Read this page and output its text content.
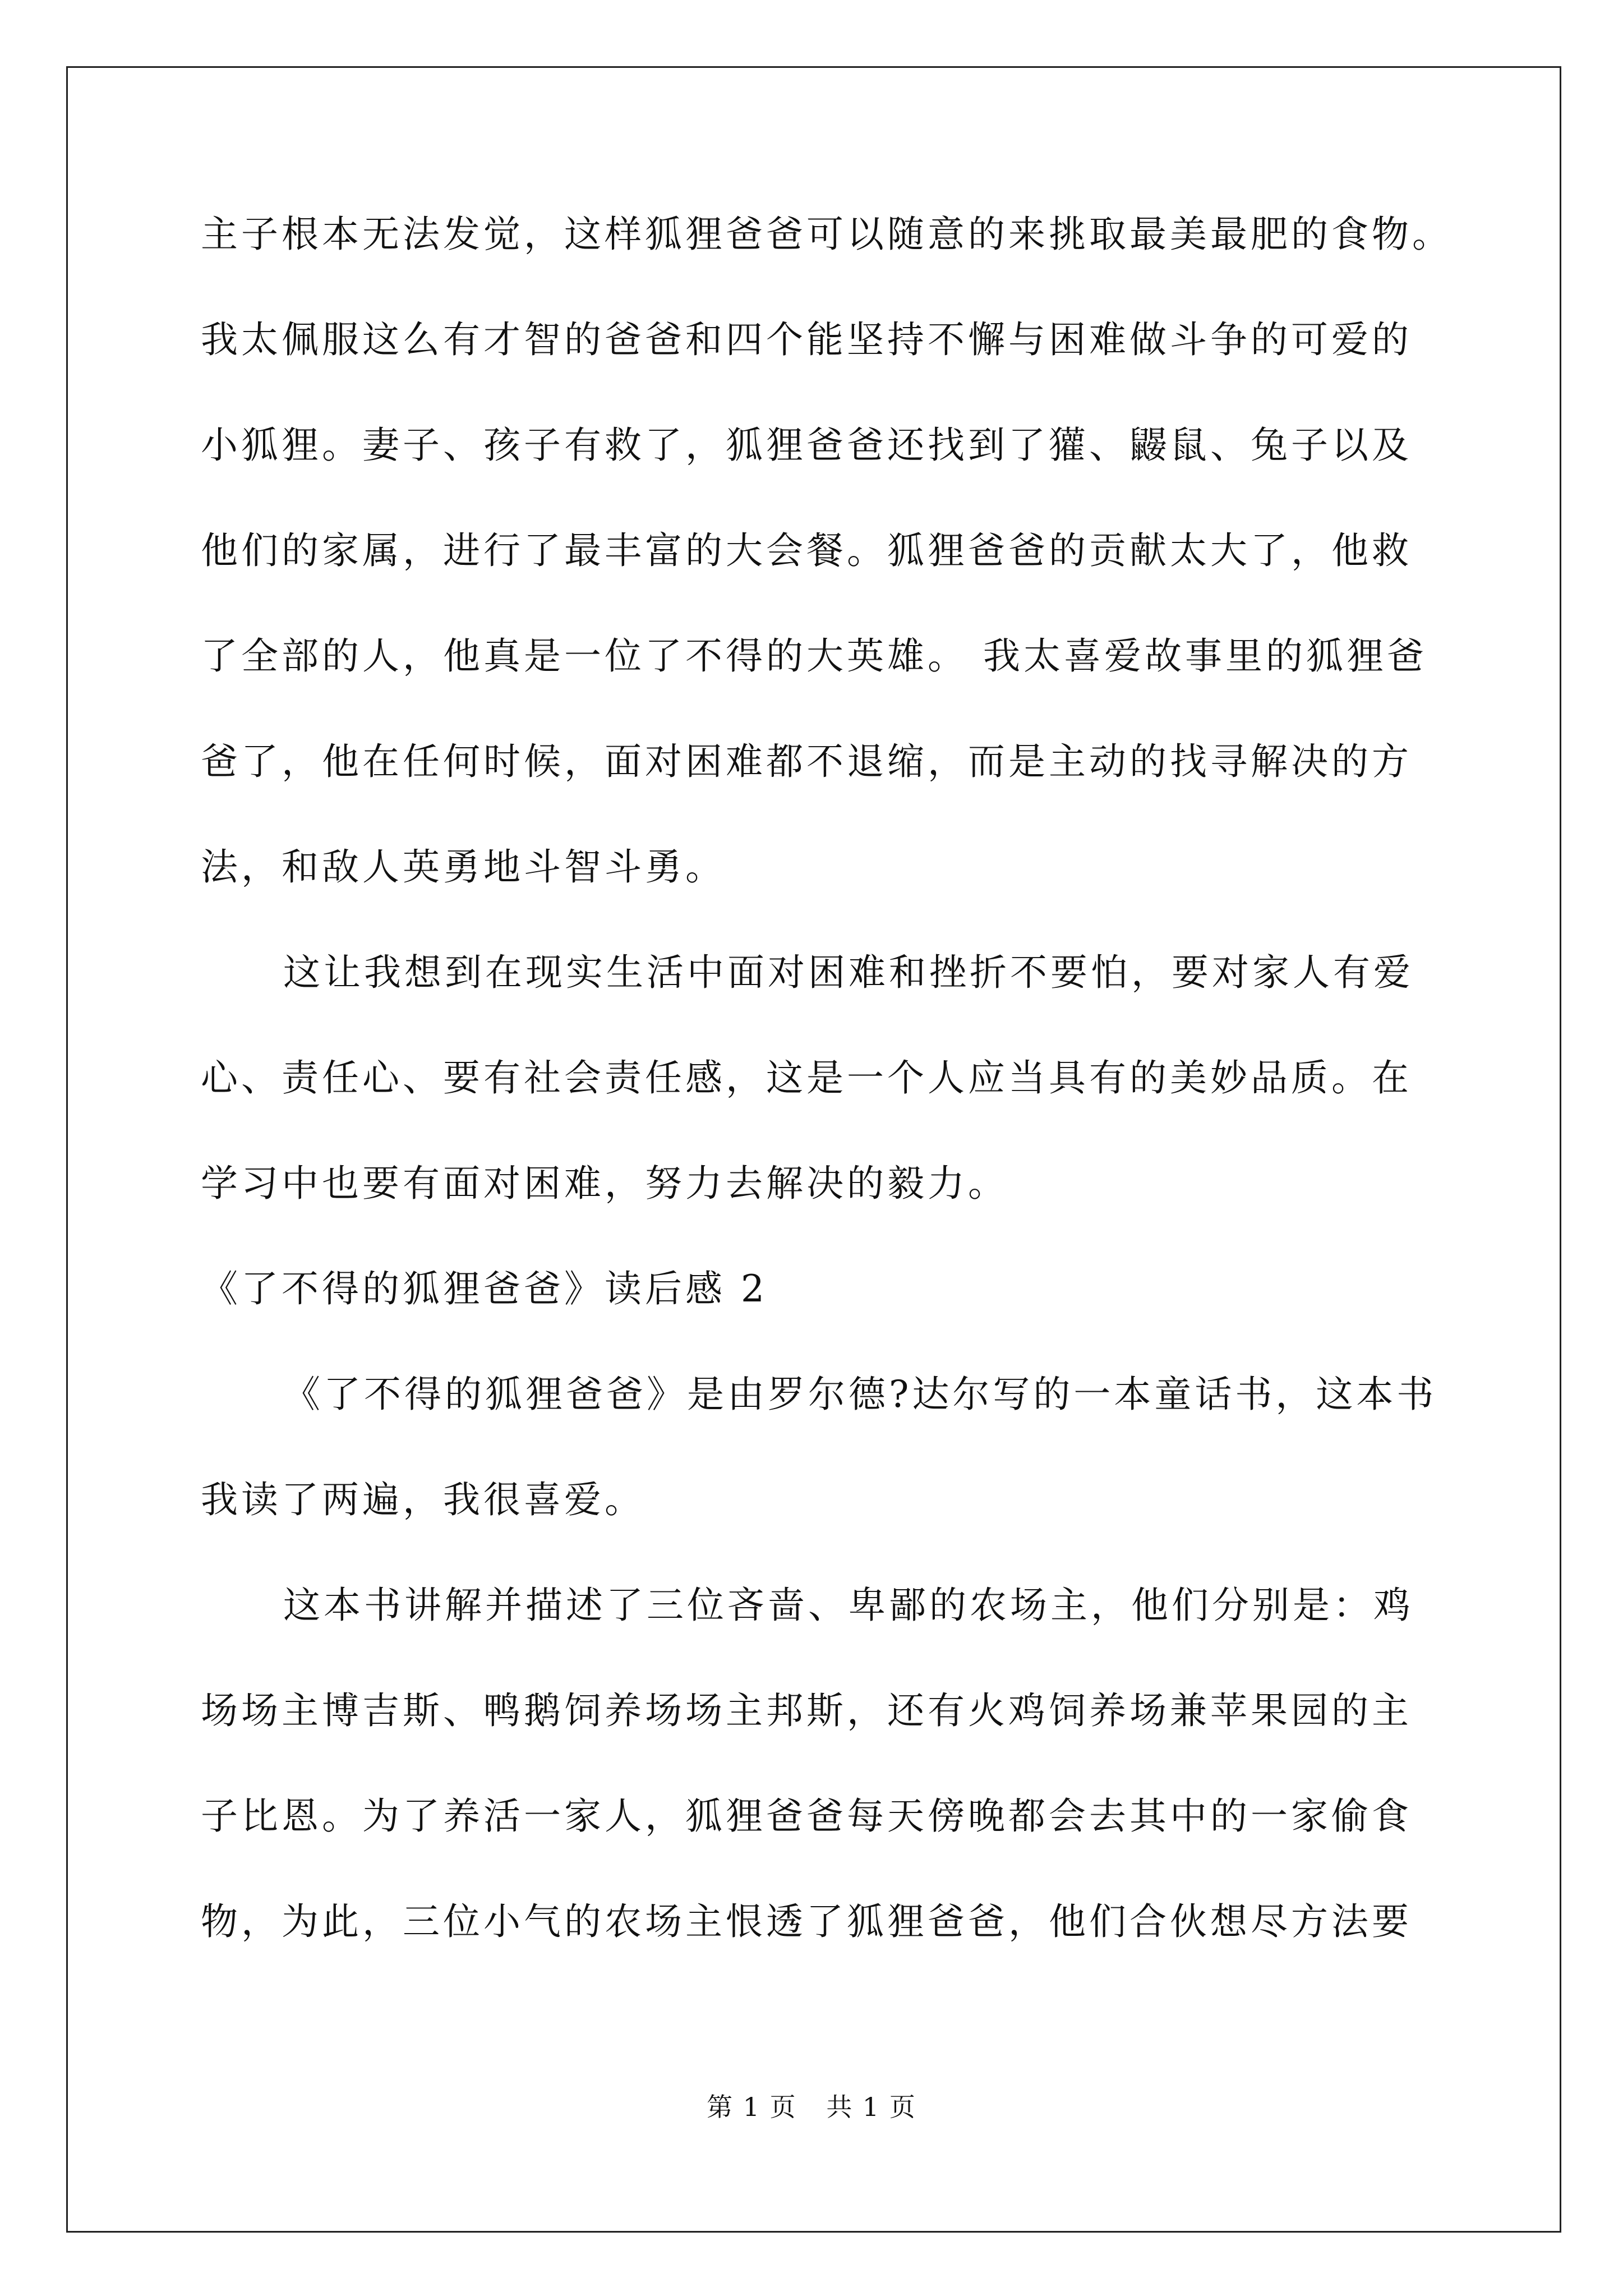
主子根本无法发觉，这样狐狸爸爸可以随意的来挑取最美最肥的食物。
我太佩服这么有才智的爸爸和四个能坚持不懈与困难做斗争的可爱的
小狐狸。妻子、孩子有救了，狐狸爸爸还找到了獾、鼹鼠、兔子以及
他们的家属，进行了最丰富的大会餐。狐狸爸爸的贡献太大了，他救
了全部的人，他真是一位了不得的大英雄。 我太喜爱故事里的狐狸爸
爸了，他在任何时候，面对困难都不退缩，而是主动的找寻解决的方
法，和敌人英勇地斗智斗勇。
这让我想到在现实生活中面对困难和挫折不要怕，要对家人有爱
心、责任心、要有社会责任感，这是一个人应当具有的美妙品质。在
学习中也要有面对困难，努力去解决的毅力。
《了不得的狐狸爸爸》读后感 2
《了不得的狐狸爸爸》是由罗尔德?达尔写的一本童话书，这本书
我读了两遍，我很喜爱。
这本书讲解并描述了三位吝啬、卑鄙的农场主，他们分别是：鸡
场场主博吉斯、鸭鹅饲养场场主邦斯，还有火鸡饲养场兼苹果园的主
子比恩。为了养活一家人，狐狸爸爸每天傍晚都会去其中的一家偷食
物，为此，三位小气的农场主恨透了狐狸爸爸，他们合伙想尽方法要
第 1 页 共 1 页
